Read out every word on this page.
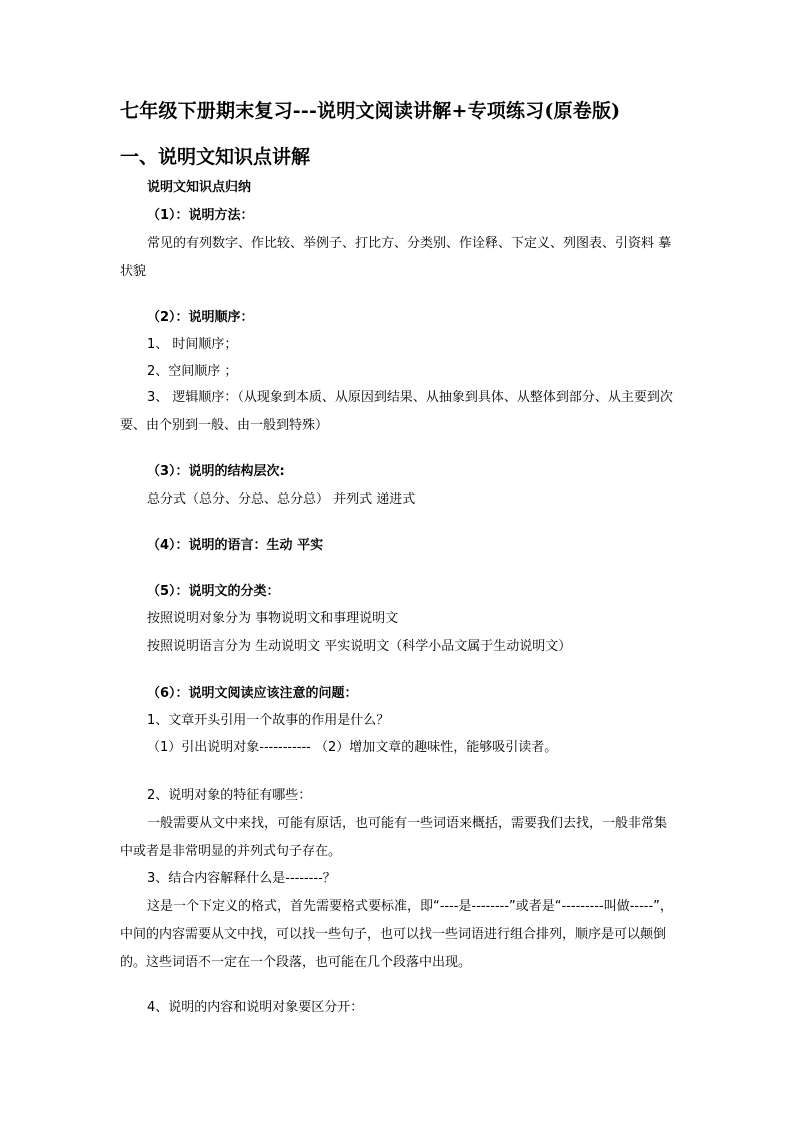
七年级下册期末复习---说明文阅读讲解+专项练习(原卷版)
一、说明文知识点讲解
说明文知识点归纳
（1）：说明方法：
常见的有列数字、作比较、举例子、打比方、分类别、作诠释、下定义、列图表、引资料 摹状貌
（2）：说明顺序：
1、 时间顺序；
2、空间顺序 ；
3、 逻辑顺序：（从现象到本质、从原因到结果、从抽象到具体、从整体到部分、从主要到次要、由个别到一般、由一般到特殊）
（3）：说明的结构层次:
总分式（总分、分总、总分总） 并列式 递进式
（4）：说明的语言：生动 平实
（5）：说明文的分类：
按照说明对象分为 事物说明文和事理说明文
按照说明语言分为 生动说明文 平实说明文（科学小品文属于生动说明文）
（6）：说明文阅读应该注意的问题：
1、文章开头引用一个故事的作用是什么？
（1）引出说明对象----------- （2）增加文章的趣味性，能够吸引读者。
2、说明对象的特征有哪些：
一般需要从文中来找，可能有原话，也可能有一些词语来概括，需要我们去找，一般非常集中或者是非常明显的并列式句子存在。
3、结合内容解释什么是--------？
这是一个下定义的格式，首先需要格式要标准，即“----是--------”或者是“---------叫做-----”，中间的内容需要从文中找，可以找一些句子，也可以找一些词语进行组合排列，顺序是可以颠倒的。这些词语不一定在一个段落，也可能在几个段落中出现。
4、说明的内容和说明对象要区分开：
